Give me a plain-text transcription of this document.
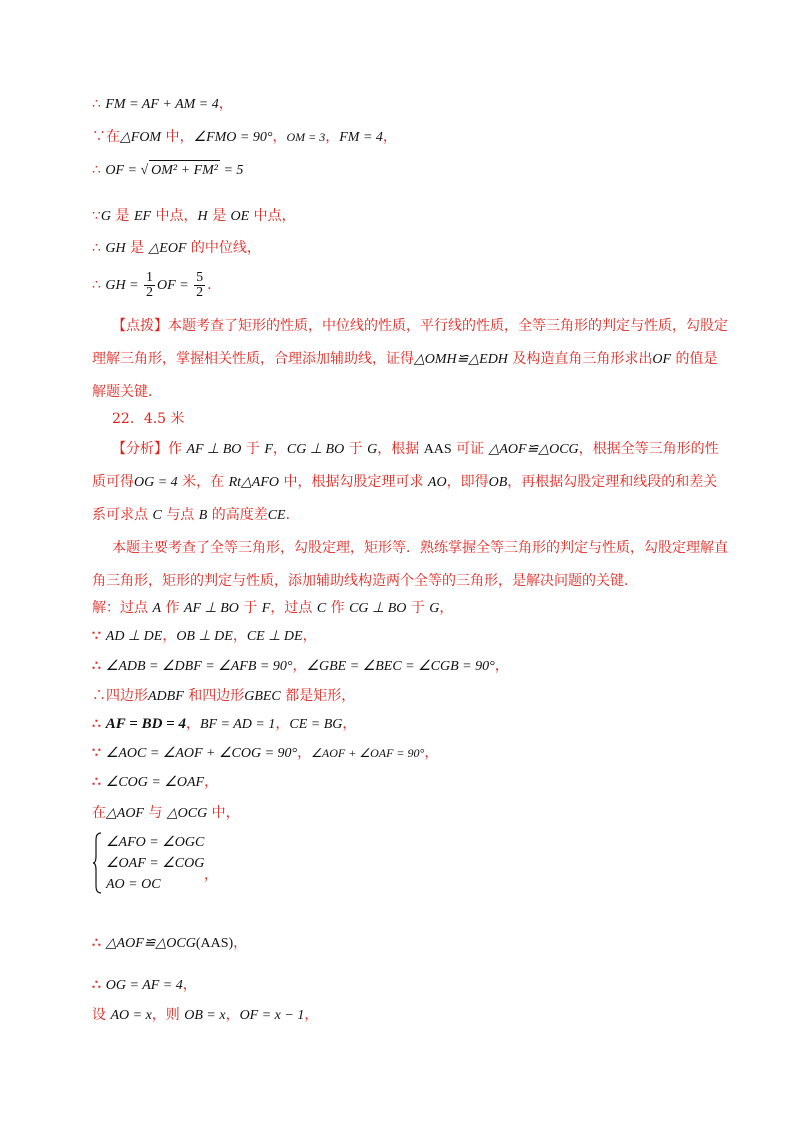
∴ FM = AF + AM = 4，
∵在△FOM 中，∠FMO = 90°，OM = 3，FM = 4，
∴ OF = √ OM² + FM² = 5
∵G 是 EF 中点，H 是 OE 中点，
∴ GH 是 △EOF 的中位线，
∴ GH = $\frac{1}{2}$ OF = $\frac{5}{2}$ ．
【点拨】本题考查了矩形的性质，中位线的性质，平行线的性质，全等三角形的判定与性质，勾股定理解三角形，掌握相关性质，合理添加辅助线，证得△OMH≌△EDH 及构造直角三角形求出OF 的值是解题关键．
22．4.5 米
【分析】作 AF ⊥ BO 于 F，CG ⊥ BO 于 G，根据 AAS 可证 △AOF≌△OCG，根据全等三角形的性质可得OG = 4 米，在 Rt△AFO 中，根据勾股定理可求 AO，即得OB，再根据勾股定理和线段的和差关系可求点 C 与点 B 的高度差CE．
本题主要考查了全等三角形，勾股定理，矩形等．熟练掌握全等三角形的判定与性质，勾股定理解直角三角形，矩形的判定与性质，添加辅助线构造两个全等的三角形，是解决问题的关键．
解：过点 A 作 AF ⊥ BO 于 F，过点 C 作 CG ⊥ BO 于 G，
∵ AD ⊥ DE，OB ⊥ DE，CE ⊥ DE，
∴ ∠ADB = ∠DBF = ∠AFB = 90°，∠GBE = ∠BEC = ∠CGB = 90°，
∴四边形ADBF 和四边形GBEC 都是矩形，
∴ AF = BD = 4，BF = AD = 1，CE = BG，
∵ ∠AOC = ∠AOF + ∠COG = 90°，∠AOF + ∠OAF = 90°，
∴ ∠COG = ∠OAF，
在△AOF 与 △OCG 中，
∠AFO = ∠OGC
∠OAF = ∠COG
AO = OC
，
∴ △AOF≌△OCG(AAS)，
∴ OG = AF = 4，
设 AO = x，则 OB = x，OF = x − 1，
